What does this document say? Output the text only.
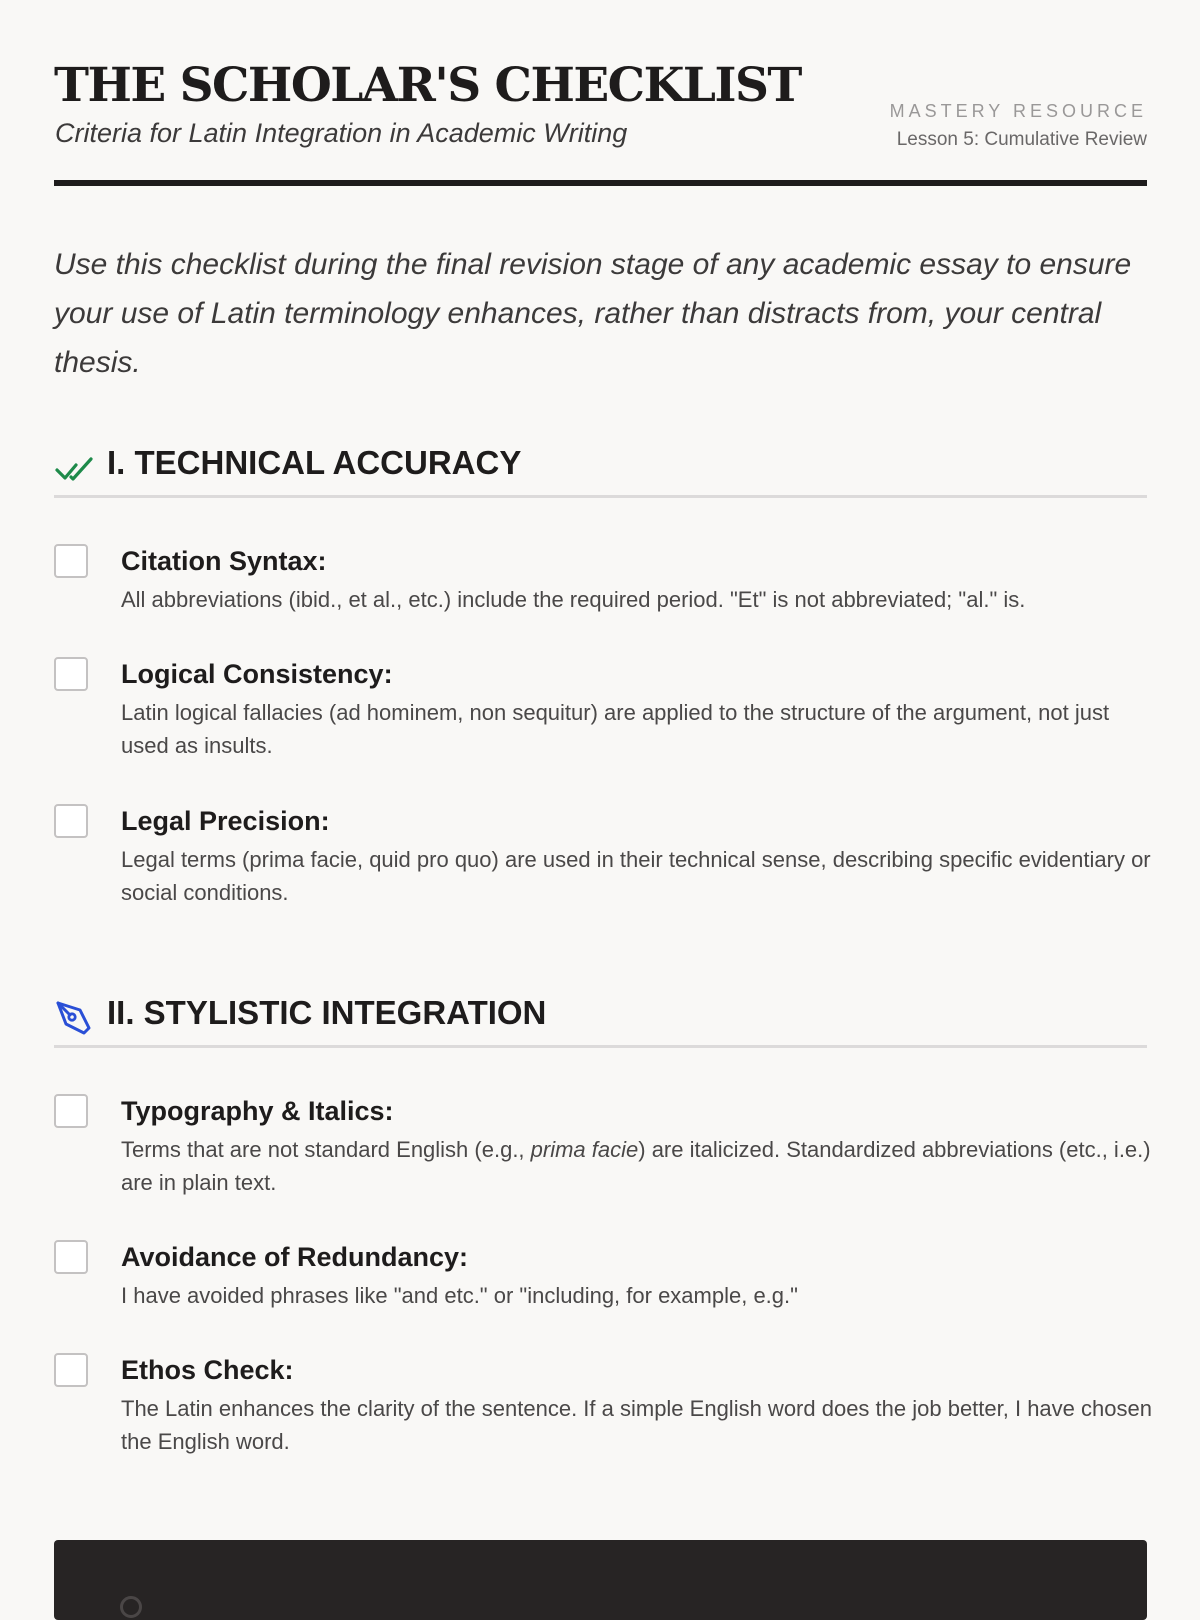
THE SCHOLAR'S CHECKLIST
Criteria for Latin Integration in Academic Writing
MASTERY RESOURCE
Lesson 5: Cumulative Review

Use this checklist during the final revision stage of any academic essay to ensure your use of Latin terminology enhances, rather than distracts from, your central thesis.

I. TECHNICAL ACCURACY
Citation Syntax:
All abbreviations (ibid., et al., etc.) include the required period. "Et" is not abbreviated; "al." is.
Logical Consistency:
Latin logical fallacies (ad hominem, non sequitur) are applied to the structure of the argument, not just used as insults.
Legal Precision:
Legal terms (prima facie, quid pro quo) are used in their technical sense, describing specific evidentiary or social conditions.
II. STYLISTIC INTEGRATION
Typography & Italics:
Terms that are not standard English (e.g., prima facie) are italicized. Standardized abbreviations (etc., i.e.) are in plain text.
Avoidance of Redundancy:
I have avoided phrases like "and etc." or "including, for example, e.g."
Ethos Check:
The Latin enhances the clarity of the sentence. If a simple English word does the job better, I have chosen the English word.
